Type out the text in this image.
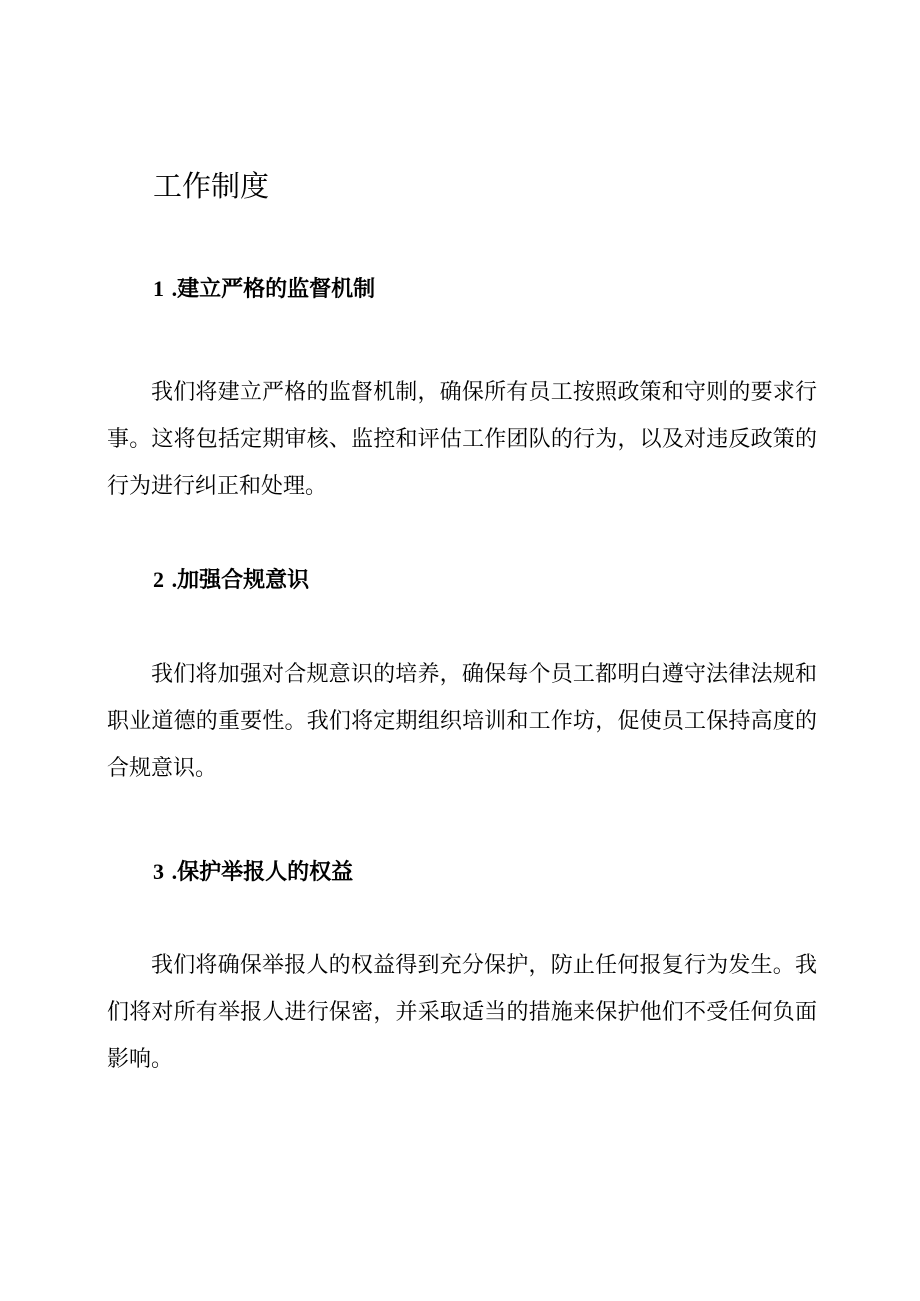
工作制度
1 .建立严格的监督机制

我们将建立严格的监督机制，确保所有员工按照政策和守则的要求行事。这将包括定期审核、监控和评估工作团队的行为，以及对违反政策的行为进行纠正和处理。

2 .加强合规意识

我们将加强对合规意识的培养，确保每个员工都明白遵守法律法规和职业道德的重要性。我们将定期组织培训和工作坊，促使员工保持高度的合规意识。

3 .保护举报人的权益

我们将确保举报人的权益得到充分保护，防止任何报复行为发生。我们将对所有举报人进行保密，并采取适当的措施来保护他们不受任何负面影响。
